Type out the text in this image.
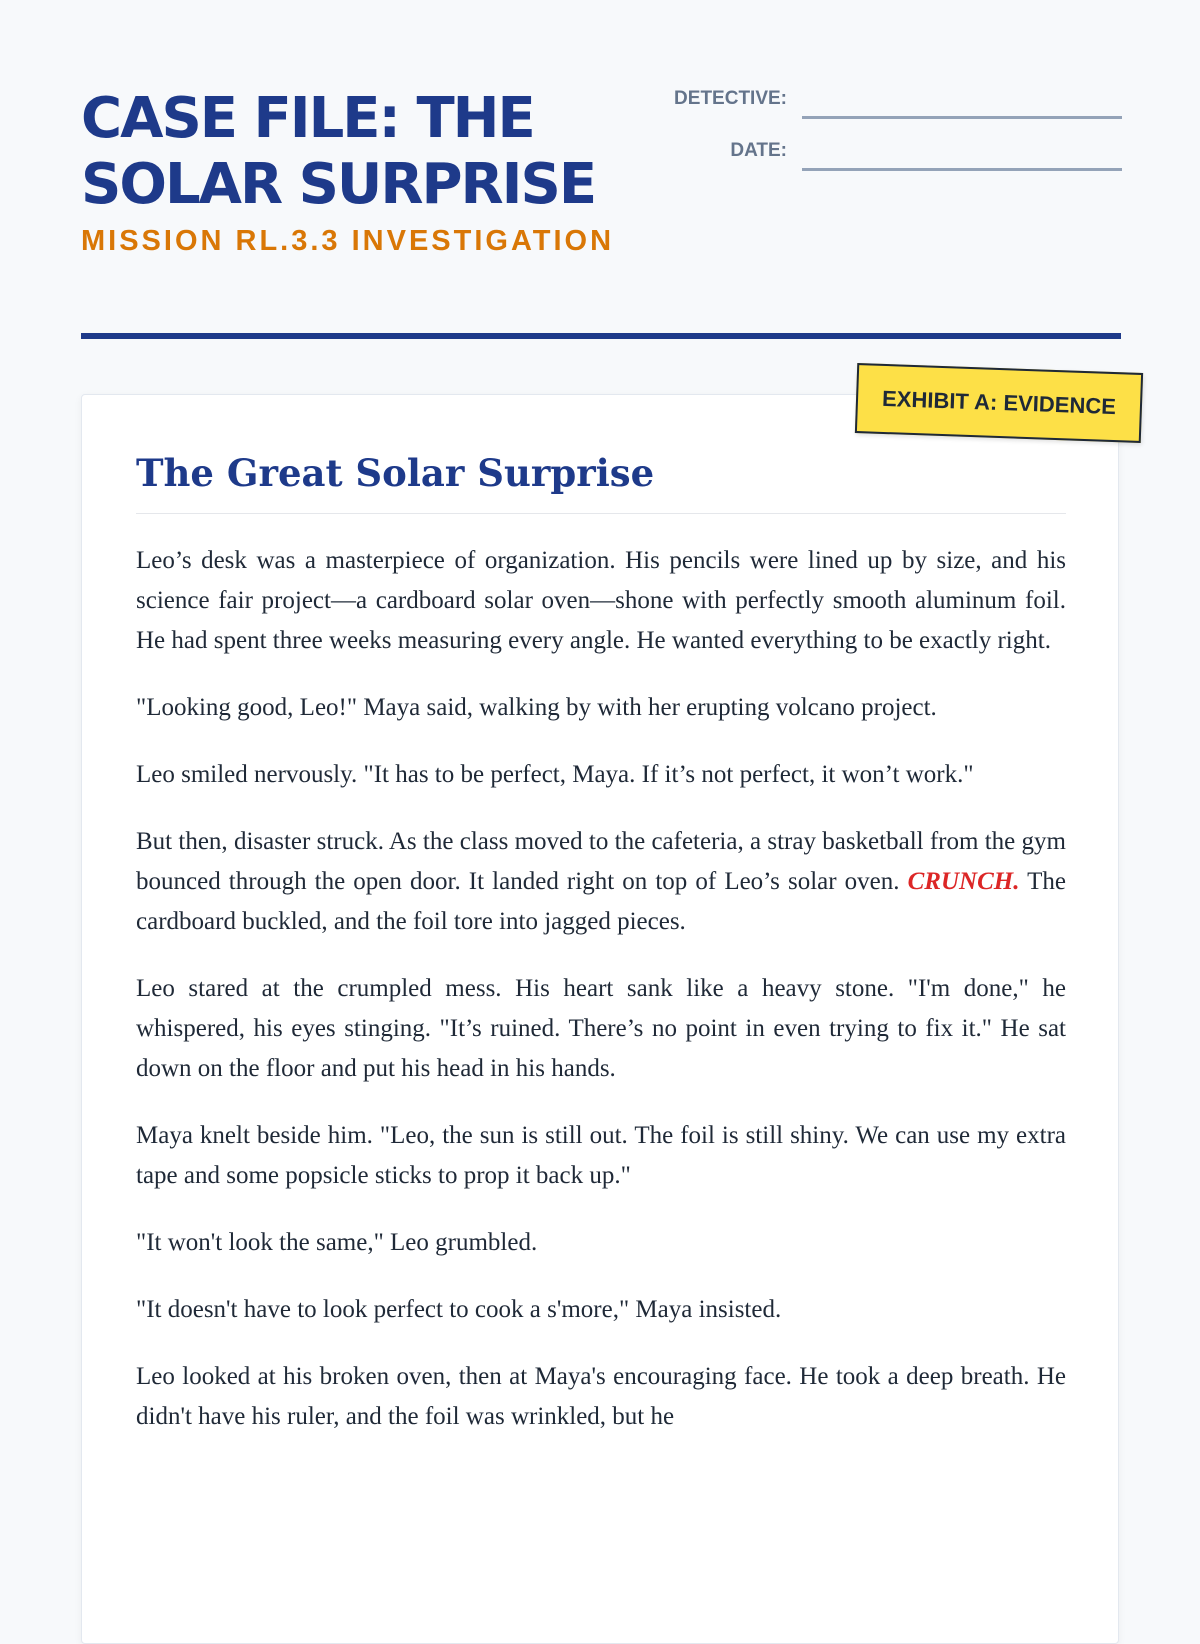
CASE FILE: THE SOLAR SURPRISE
MISSION RL.3.3 INVESTIGATION
DETECTIVE:
DATE:
The Great Solar Surprise

Leo’s desk was a masterpiece of organization. His pencils were lined up by size, and his science fair project—a cardboard solar oven—shone with perfectly smooth aluminum foil. He had spent three weeks measuring every angle. He wanted everything to be exactly right.

"Looking good, Leo!" Maya said, walking by with her erupting volcano project.

Leo smiled nervously. "It has to be perfect, Maya. If it’s not perfect, it won’t work."

But then, disaster struck. As the class moved to the cafeteria, a stray basketball from the gym bounced through the open door. It landed right on top of Leo’s solar oven. CRUNCH. The cardboard buckled, and the foil tore into jagged pieces.

Leo stared at the crumpled mess. His heart sank like a heavy stone. "I'm done," he whispered, his eyes stinging. "It’s ruined. There’s no point in even trying to fix it." He sat down on the floor and put his head in his hands.

Maya knelt beside him. "Leo, the sun is still out. The foil is still shiny. We can use my extra tape and some popsicle sticks to prop it back up."

"It won't look the same," Leo grumbled.

"It doesn't have to look perfect to cook a s'more," Maya insisted.

Leo looked at his broken oven, then at Maya's encouraging face. He took a deep breath. He didn't have his ruler, and the foil was wrinkled, but he

EXHIBIT A: EVIDENCE
